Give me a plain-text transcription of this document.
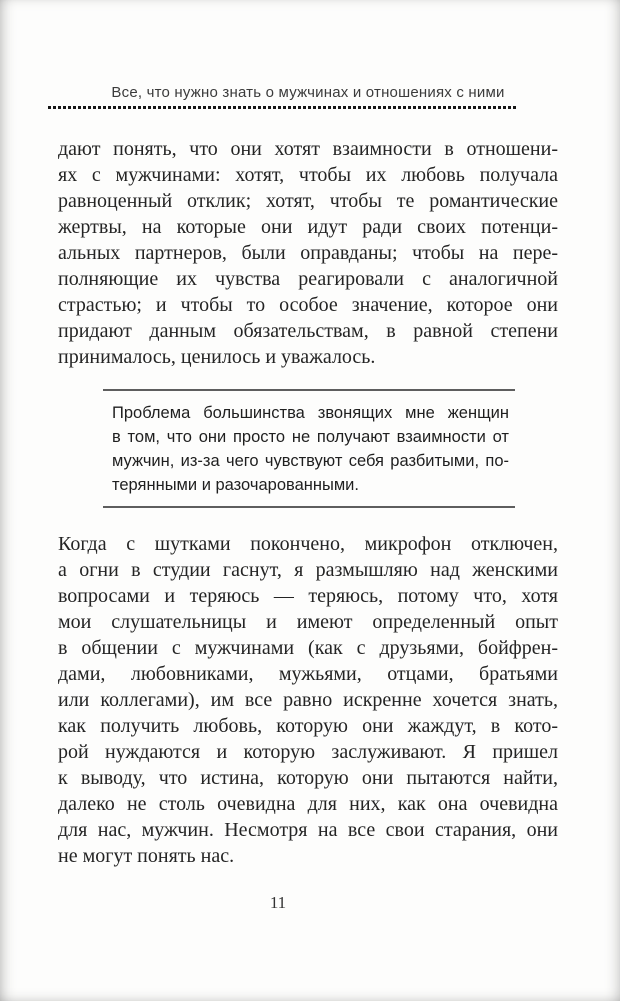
Все, что нужно знать о мужчинах и отношениях с ними
дают понять, что они хотят взаимности в отношени-
ях с мужчинами: хотят, чтобы их любовь получала
равноценный отклик; хотят, чтобы те романтические
жертвы, на которые они идут ради своих потенци-
альных партнеров, были оправданы; чтобы на пере-
полняющие их чувства реагировали с аналогичной
страстью; и чтобы то особое значение, которое они
придают данным обязательствам, в равной степени
принималось, ценилось и уважалось.
Проблема большинства звонящих мне женщин
в том, что они просто не получают взаимности от
мужчин, из-за чего чувствуют себя разбитыми, по-
терянными и разочарованными.
Когда с шутками покончено, микрофон отключен,
а огни в студии гаснут, я размышляю над женскими
вопросами и теряюсь — теряюсь, потому что, хотя
мои слушательницы и имеют определенный опыт
в общении с мужчинами (как с друзьями, бойфрен-
дами, любовниками, мужьями, отцами, братьями
или коллегами), им все равно искренне хочется знать,
как получить любовь, которую они жаждут, в кото-
рой нуждаются и которую заслуживают. Я пришел
к выводу, что истина, которую они пытаются найти,
далеко не столь очевидна для них, как она очевидна
для нас, мужчин. Несмотря на все свои старания, они
не могут понять нас.
11
